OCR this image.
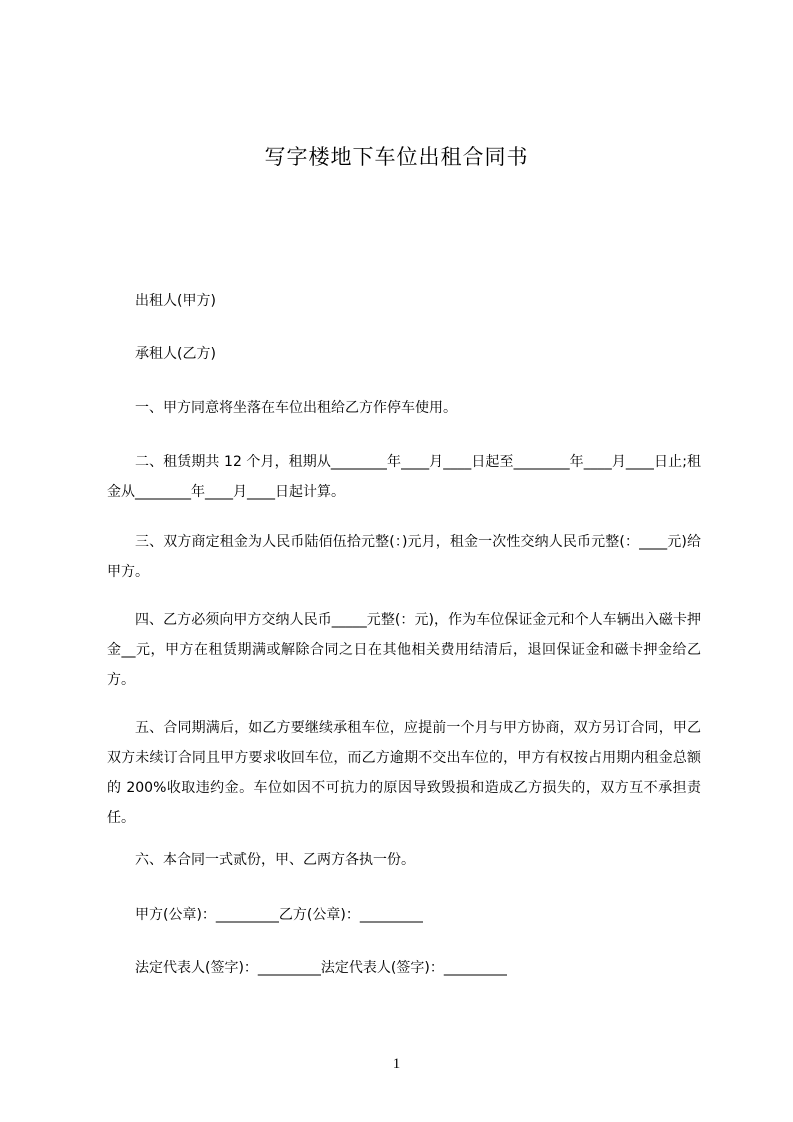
写字楼地下车位出租合同书
出租人(甲方)
承租人(乙方)
一、甲方同意将坐落在车位出租给乙方作停车使用。
二、租赁期共 12 个月，租期从________年____月____日起至________年____月____日止;租金从________年____月____日起计算。
三、双方商定租金为人民币陆佰伍拾元整(：)元月，租金一次性交纳人民币元整(：____元)给甲方。
四、乙方必须向甲方交纳人民币_____元整(：元)，作为车位保证金元和个人车辆出入磁卡押金__元，甲方在租赁期满或解除合同之日在其他相关费用结清后，退回保证金和磁卡押金给乙方。
五、合同期满后，如乙方要继续承租车位，应提前一个月与甲方协商，双方另订合同，甲乙双方未续订合同且甲方要求收回车位，而乙方逾期不交出车位的，甲方有权按占用期内租金总额的 200%收取违约金。车位如因不可抗力的原因导致毁损和造成乙方损失的，双方互不承担责任。
六、本合同一式贰份，甲、乙两方各执一份。
甲方(公章)：_________乙方(公章)：_________
法定代表人(签字)：_________法定代表人(签字)：_________
1
